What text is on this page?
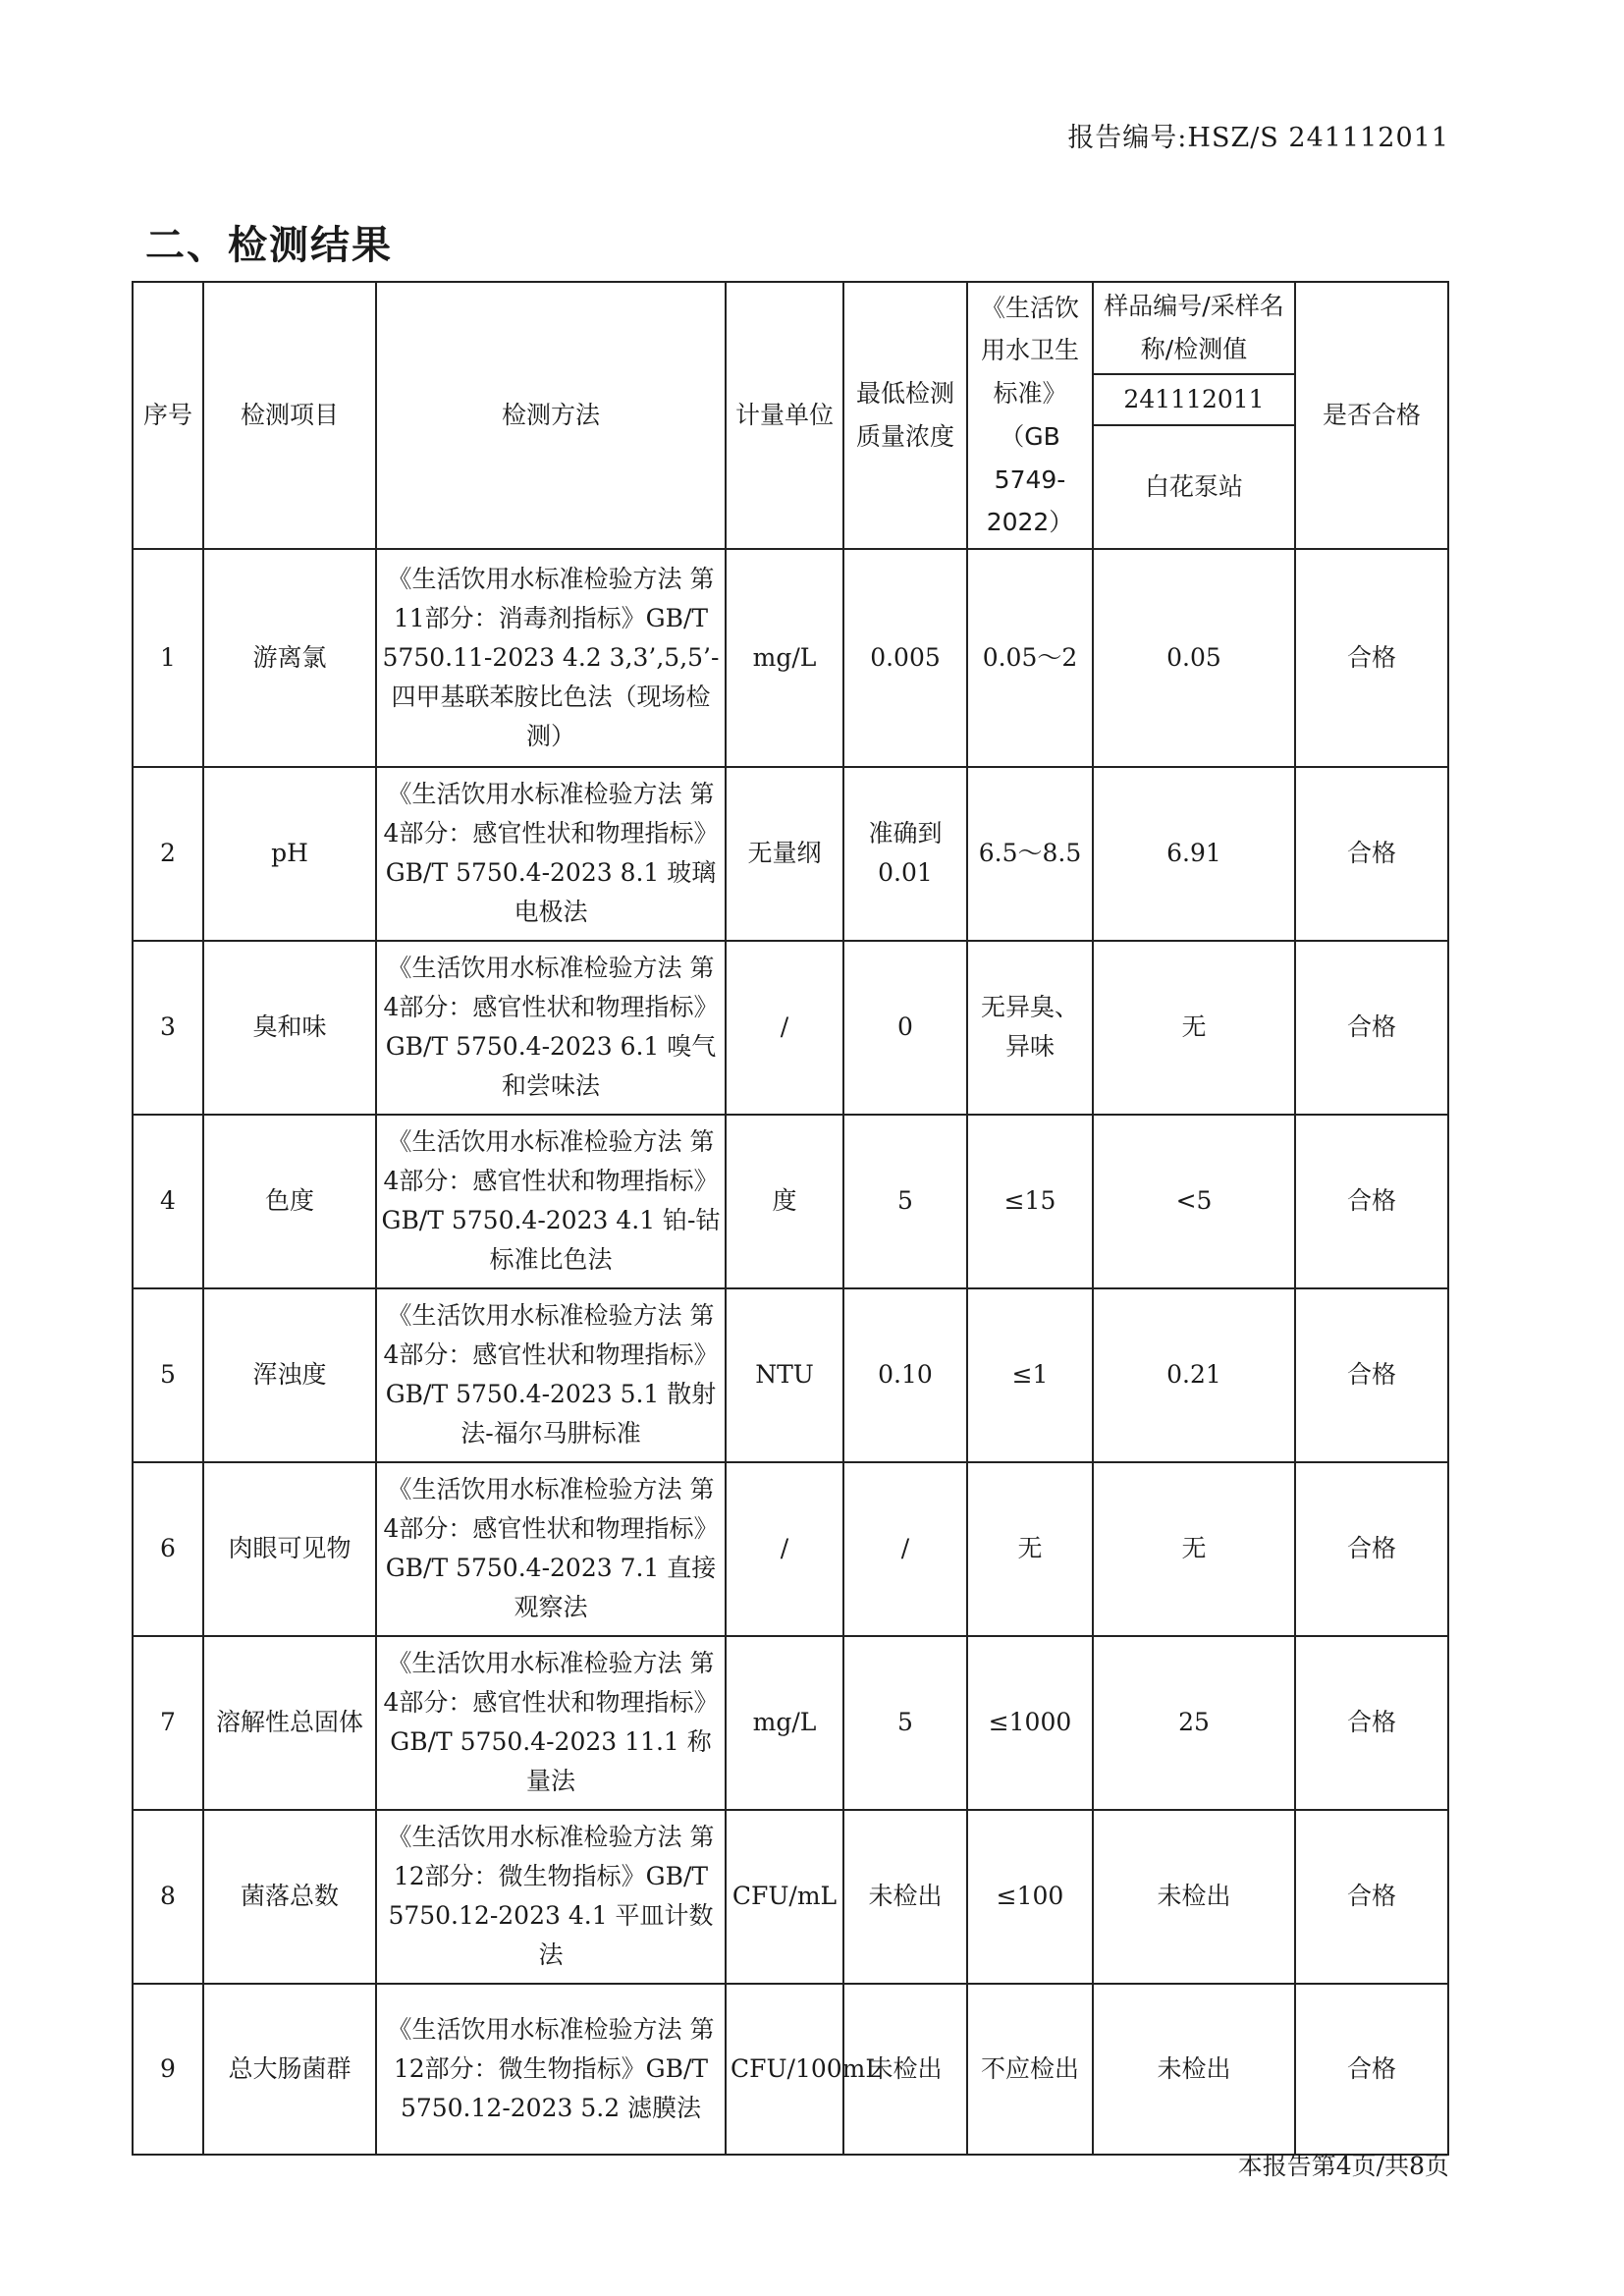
报告编号:HSZ/S 241112011
二、检测结果
序号	检测项目	检测方法	计量单位	最低检测质量浓度	《生活饮用水卫生标准》（GB 5749-2022）	样品编号/采样名称/检测值	是否合格
						241112011	
						白花泵站	
1	游离氯	《生活饮用水标准检验方法 第11部分：消毒剂指标》GB/T 5750.11-2023 4.2 3,3’,5,5’-四甲基联苯胺比色法（现场检测）	mg/L	0.005	0.05～2	0.05	合格
2	pH	《生活饮用水标准检验方法 第4部分：感官性状和物理指标》GB/T 5750.4-2023 8.1 玻璃电极法	无量纲	准确到0.01	6.5～8.5	6.91	合格
3	臭和味	《生活饮用水标准检验方法 第4部分：感官性状和物理指标》GB/T 5750.4-2023 6.1 嗅气和尝味法	/	0	无异臭、异味	无	合格
4	色度	《生活饮用水标准检验方法 第4部分：感官性状和物理指标》GB/T 5750.4-2023 4.1 铂-钴标准比色法	度	5	≤15	<5	合格
5	浑浊度	《生活饮用水标准检验方法 第4部分：感官性状和物理指标》GB/T 5750.4-2023 5.1 散射法-福尔马肼标准	NTU	0.10	≤1	0.21	合格
6	肉眼可见物	《生活饮用水标准检验方法 第4部分：感官性状和物理指标》GB/T 5750.4-2023 7.1 直接观察法	/	/	无	无	合格
7	溶解性总固体	《生活饮用水标准检验方法 第4部分：感官性状和物理指标》GB/T 5750.4-2023 11.1 称量法	mg/L	5	≤1000	25	合格
8	菌落总数	《生活饮用水标准检验方法 第12部分：微生物指标》GB/T 5750.12-2023 4.1 平皿计数法	CFU/mL	未检出	≤100	未检出	合格
9	总大肠菌群	《生活饮用水标准检验方法 第12部分：微生物指标》GB/T 5750.12-2023 5.2 滤膜法	CFU/100mL	未检出	不应检出	未检出	合格
本报告第4页/共8页
